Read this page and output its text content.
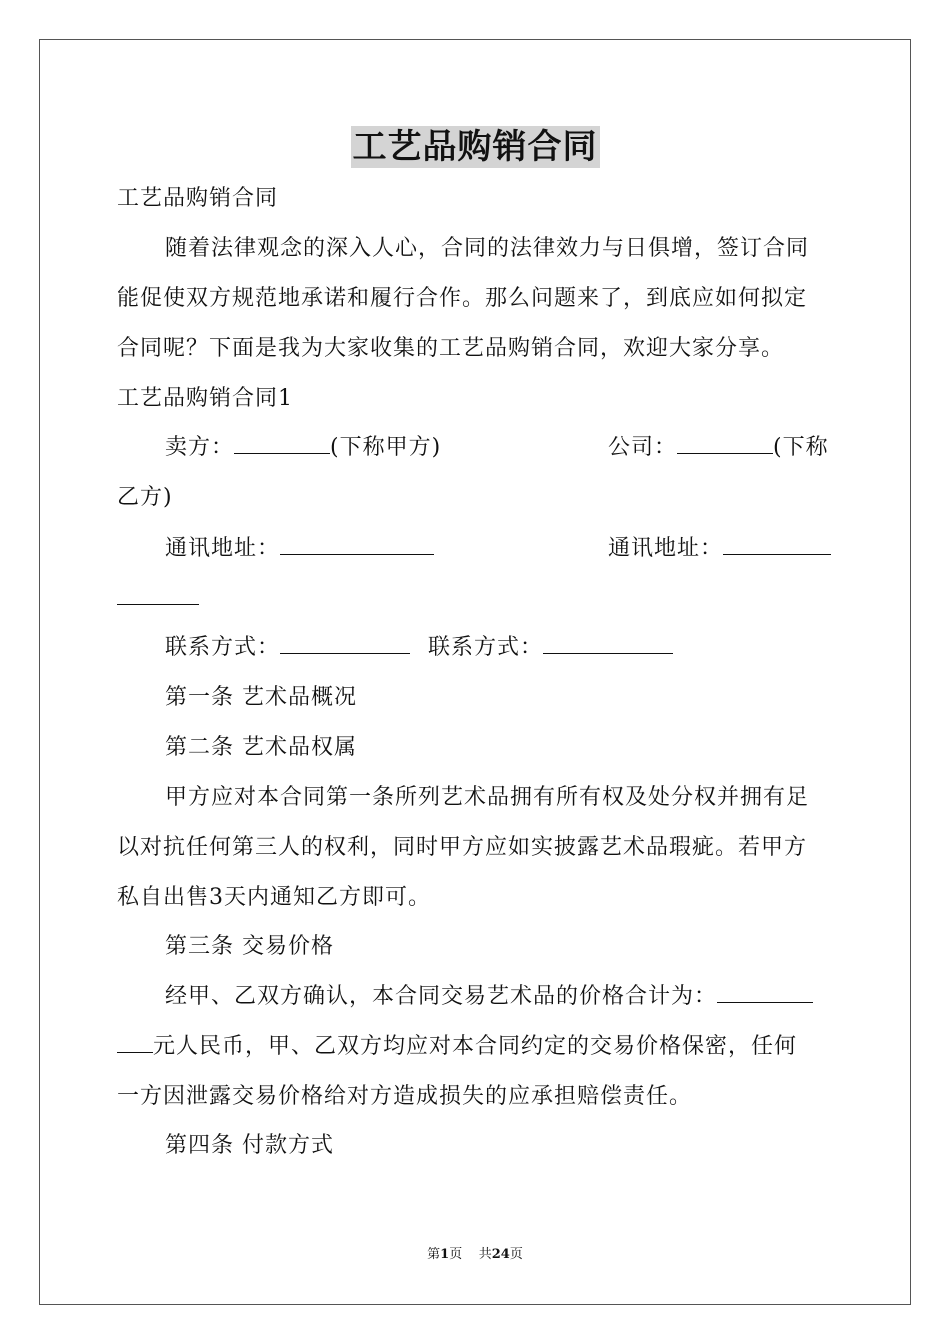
工艺品购销合同
工艺品购销合同
随着法律观念的深入人心，合同的法律效力与日俱增，签订合同
能促使双方规范地承诺和履行合作。那么问题来了，到底应如何拟定
合同呢？下面是我为大家收集的工艺品购销合同，欢迎大家分享。
工艺品购销合同1
卖方：	(下称甲方)	公司：	(下称
乙方)
通讯地址：	通讯地址：
联系方式：	联系方式：
第一条 艺术品概况
第二条 艺术品权属
甲方应对本合同第一条所列艺术品拥有所有权及处分权并拥有足
以对抗任何第三人的权利，同时甲方应如实披露艺术品瑕疵。若甲方
私自出售3天内通知乙方即可。
第三条 交易价格
经甲、乙双方确认，本合同交易艺术品的价格合计为：
元人民币，甲、乙双方均应对本合同约定的交易价格保密，任何
一方因泄露交易价格给对方造成损失的应承担赔偿责任。
第四条 付款方式
第1页    共24页
